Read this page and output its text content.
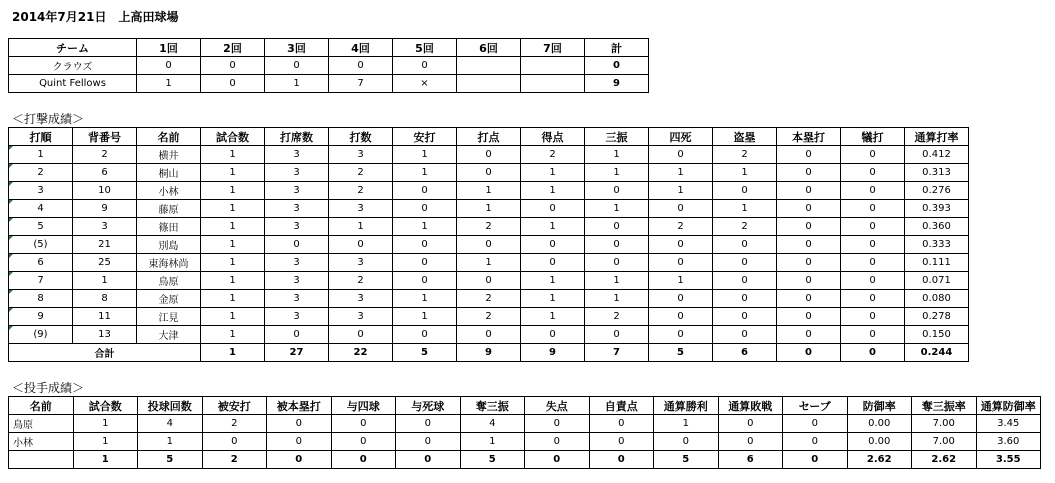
2014年7月21日　上高田球場
チーム	1回	2回	3回	4回	5回	6回	7回	計
クラウズ	0	0	0	0	0			0
Quint Fellows	1	0	1	7	×			9
＜打撃成績＞
打順	背番号	名前	試合数	打席数	打数	安打	打点	得点	三振	四死	盗塁	本塁打	犠打	通算打率
1	2	横井	1	3	3	1	0	2	1	0	2	0	0	0.412
2	6	桐山	1	3	2	1	0	1	1	1	1	0	0	0.313
3	10	小林	1	3	2	0	1	1	0	1	0	0	0	0.276
4	9	藤原	1	3	3	0	1	0	1	0	1	0	0	0.393
5	3	篠田	1	3	1	1	2	1	0	2	2	0	0	0.360
(5)	21	別島	1	0	0	0	0	0	0	0	0	0	0	0.333
6	25	東海林尚	1	3	3	0	1	0	0	0	0	0	0	0.111
7	1	鳥原	1	3	2	0	0	1	1	1	0	0	0	0.071
8	8	金原	1	3	3	1	2	1	1	0	0	0	0	0.080
9	11	江見	1	3	3	1	2	1	2	0	0	0	0	0.278
(9)	13	大津	1	0	0	0	0	0	0	0	0	0	0	0.150
合計			1	27	22	5	9	9	7	5	6	0	0	0.244
＜投手成績＞
名前	試合数	投球回数	被安打	被本塁打	与四球	与死球	奪三振	失点	自責点	通算勝利	通算敗戦	セーブ	防御率	奪三振率	通算防御率
鳥原	1	4	2	0	0	0	4	0	0	1	0	0	0.00	7.00	3.45
小林	1	1	0	0	0	0	1	0	0	0	0	0	0.00	7.00	3.60
	1	5	2	0	0	0	5	0	0	5	6	0	2.62	2.62	3.55
